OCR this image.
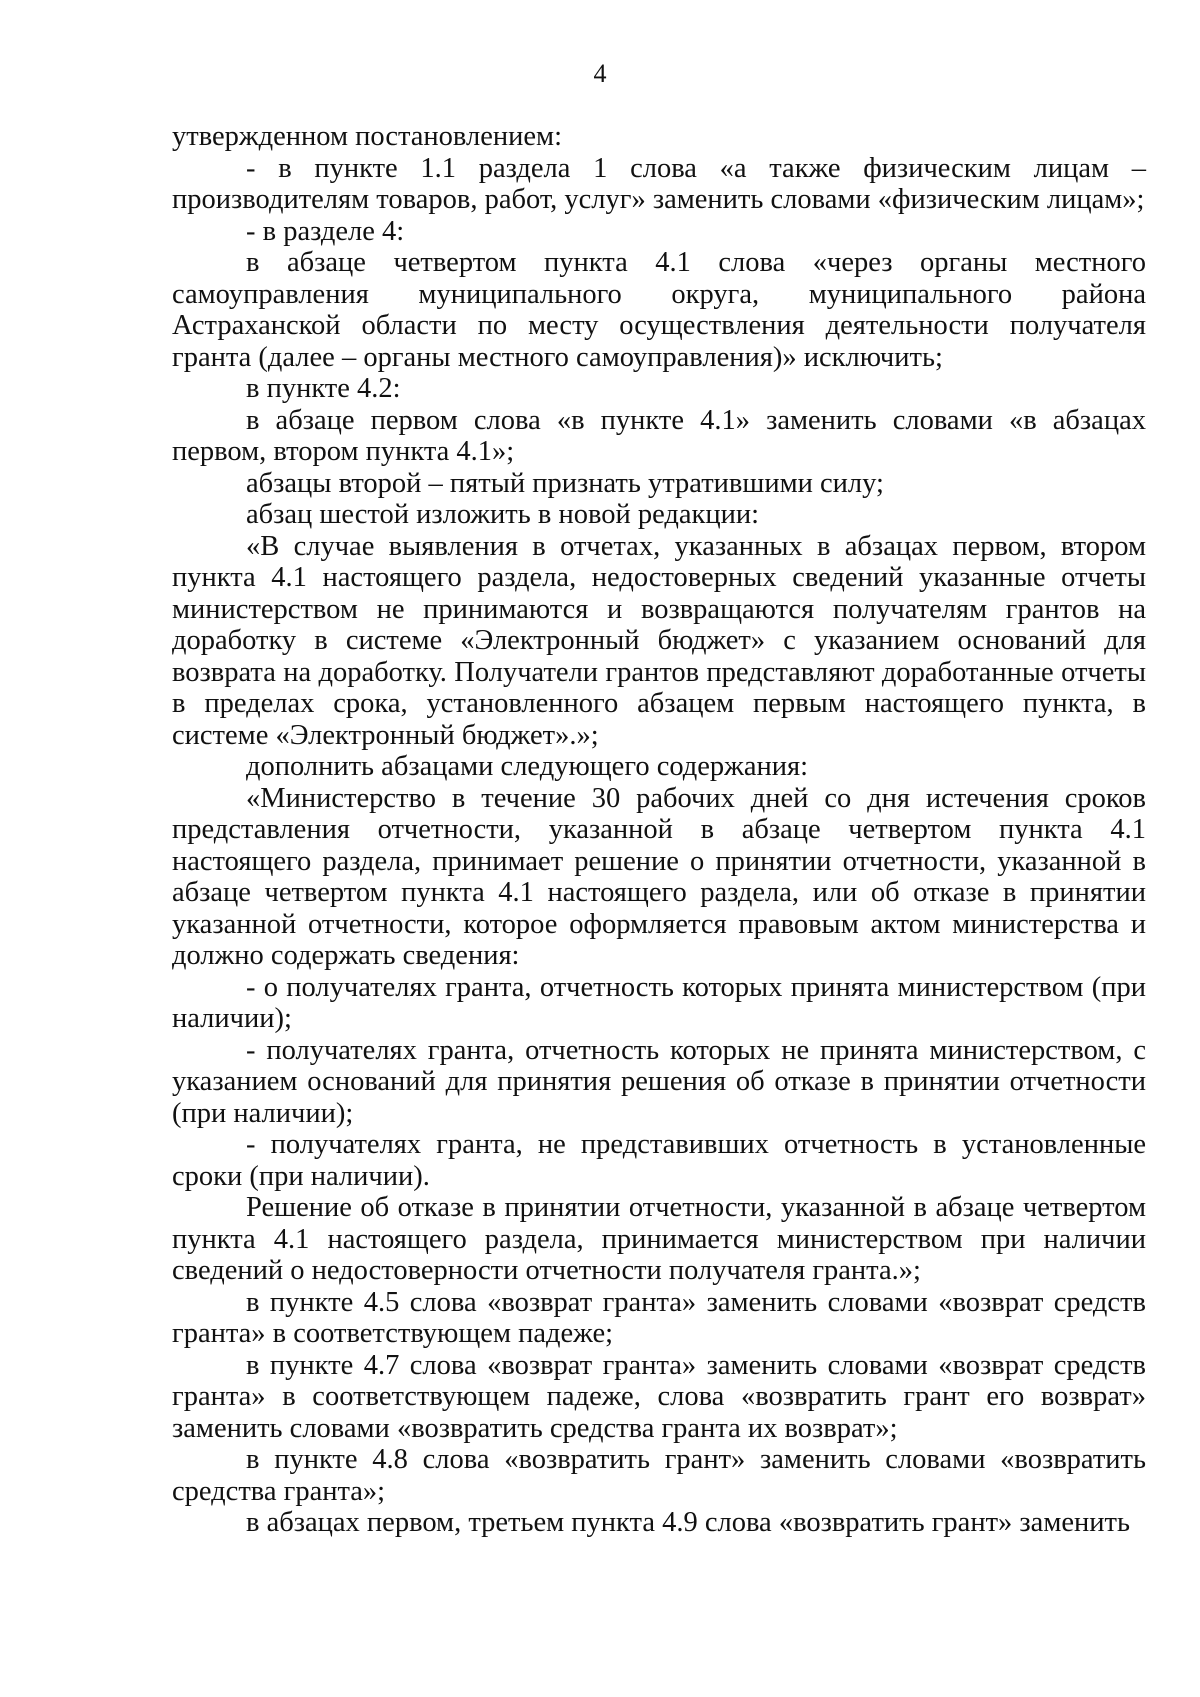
4

утвержденном постановлением:

- в пункте 1.1 раздела 1 слова «а также физическим лицам – производителям товаров, работ, услуг» заменить словами «физическим лицам»;

- в разделе 4:

в абзаце четвертом пункта 4.1 слова «через органы местного самоуправления муниципального округа, муниципального района Астраханской области по месту осуществления деятельности получателя гранта (далее – органы местного самоуправления)» исключить;

в пункте 4.2:

в абзаце первом слова «в пункте 4.1» заменить словами «в абзацах первом, втором пункта 4.1»;

абзацы второй – пятый признать утратившими силу;

абзац шестой изложить в новой редакции:

«В случае выявления в отчетах, указанных в абзацах первом, втором пункта 4.1 настоящего раздела, недостоверных сведений указанные отчеты министерством не принимаются и возвращаются получателям грантов на доработку в системе «Электронный бюджет» с указанием оснований для возврата на доработку. Получатели грантов представляют доработанные отчеты в пределах срока, установленного абзацем первым настоящего пункта, в системе «Электронный бюджет».»;

дополнить абзацами следующего содержания:

«Министерство в течение 30 рабочих дней со дня истечения сроков представления отчетности, указанной в абзаце четвертом пункта 4.1 настоящего раздела, принимает решение о принятии отчетности, указанной в абзаце четвертом пункта 4.1 настоящего раздела, или об отказе в принятии указанной отчетности, которое оформляется правовым актом министерства и должно содержать сведения:

- о получателях гранта, отчетность которых принята министерством (при наличии);

- получателях гранта, отчетность которых не принята министерством, с указанием оснований для принятия решения об отказе в принятии отчетности (при наличии);

- получателях гранта, не представивших отчетность в установленные сроки (при наличии).

Решение об отказе в принятии отчетности, указанной в абзаце четвертом пункта 4.1 настоящего раздела, принимается министерством при наличии сведений о недостоверности отчетности получателя гранта.»;

в пункте 4.5 слова «возврат гранта» заменить словами «возврат средств гранта» в соответствующем падеже;

в пункте 4.7 слова «возврат гранта» заменить словами «возврат средств гранта» в соответствующем падеже, слова «возвратить грант его возврат» заменить словами «возвратить средства гранта их возврат»;

в пункте 4.8 слова «возвратить грант» заменить словами «возвратить средства гранта»;

в абзацах первом, третьем пункта 4.9 слова «возвратить грант» заменить
